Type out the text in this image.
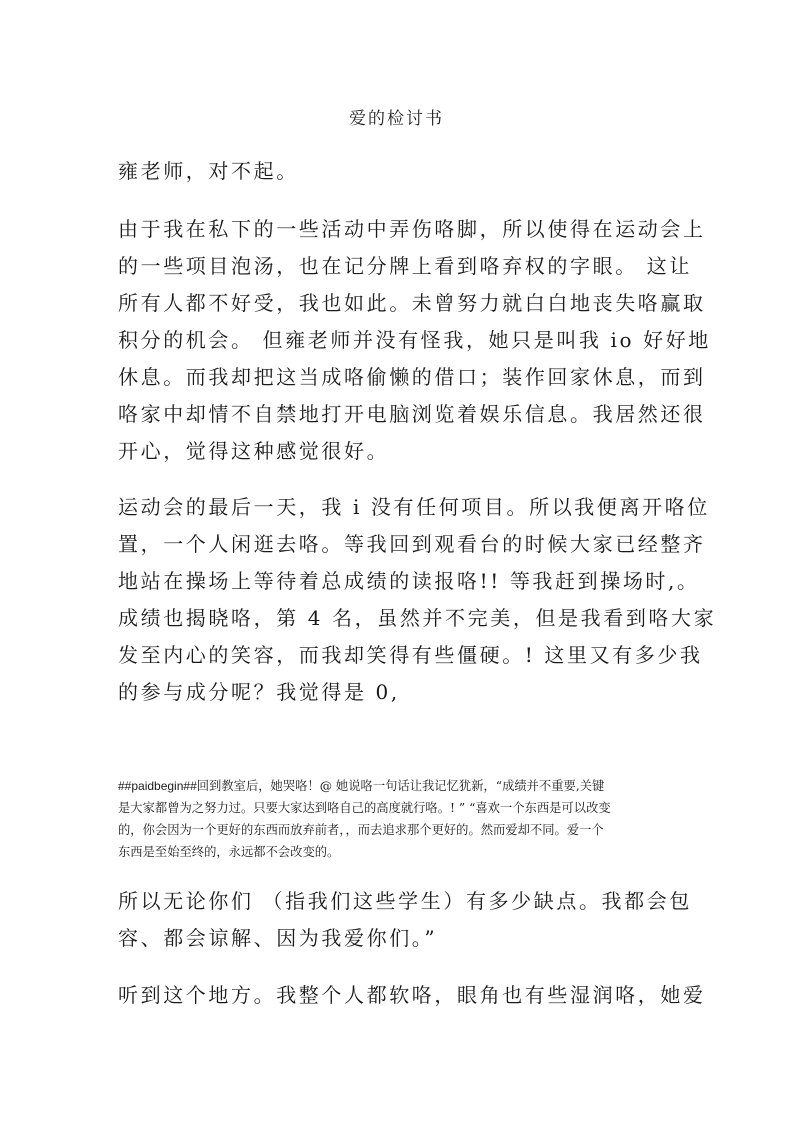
爱的检讨书
雍老师，对不起。
由于我在私下的一些活动中弄伤咯脚，所以使得在运动会上
的一些项目泡汤，也在记分牌上看到咯弃权的字眼。 这让
所有人都不好受，我也如此。未曾努力就白白地丧失咯赢取
积分的机会。 但雍老师并没有怪我，她只是叫我 io 好好地
休息。而我却把这当成咯偷懒的借口；装作回家休息，而到
咯家中却情不自禁地打开电脑浏览着娱乐信息。我居然还很
开心，觉得这种感觉很好。
运动会的最后一天，我 i 没有任何项目。所以我便离开咯位
置，一个人闲逛去咯。等我回到观看台的时候大家已经整齐
地站在操场上等待着总成绩的读报咯!! 等我赶到操场时,。
成绩也揭晓咯，第 4 名，虽然并不完美，但是我看到咯大家
发至内心的笑容，而我却笑得有些僵硬。! 这里又有多少我
的参与成分呢？我觉得是 0,
##paidbegin##回到教室后，她哭咯！@ 她说咯一句话让我记忆犹新，“成绩并不重要,关键
是大家都曾为之努力过。只要大家达到咯自己的高度就行咯。! ” “喜欢一个东西是可以改变
的，你会因为一个更好的东西而放弃前者，，而去追求那个更好的。然而爱却不同。爱一个
东西是至始至终的，永远都不会改变的。
所以无论你们 （指我们这些学生）有多少缺点。我都会包
容、都会谅解、因为我爱你们。”
听到这个地方。我整个人都软咯，眼角也有些湿润咯，她爱
